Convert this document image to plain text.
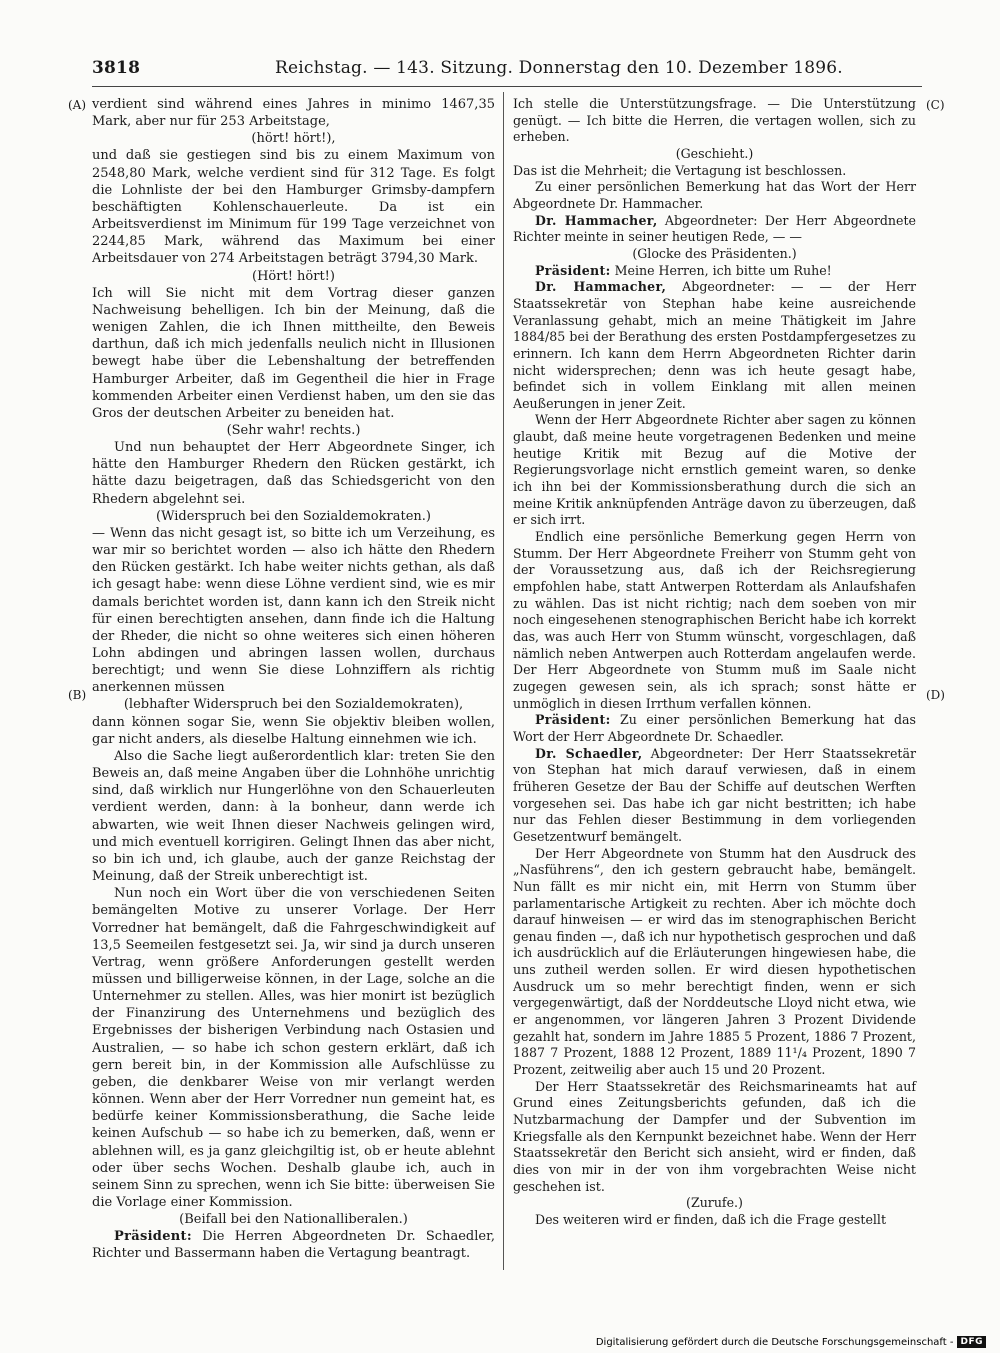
3818	Reichstag. — 143. Sitzung. Donnerstag den 10. Dezember 1896.
(A)
(B)
(C)
(D)

verdient sind während eines Jahres in minimo 1467,35 Mark, aber nur für 253 Arbeitstage,

(hört! hört!),

und daß sie gestiegen sind bis zu einem Maximum von 2548,80 Mark, welche verdient sind für 312 Tage. Es folgt die Lohnliste der bei den Hamburger Grimsby-dampfern beschäftigten Kohlenschauerleute. Da ist ein Arbeitsverdienst im Minimum für 199 Tage verzeichnet von 2244,85 Mark, während das Maximum bei einer Arbeitsdauer von 274 Arbeitstagen beträgt 3794,30 Mark.

(Hört! hört!)

Ich will Sie nicht mit dem Vortrag dieser ganzen Nachweisung behelligen. Ich bin der Meinung, daß die wenigen Zahlen, die ich Ihnen mittheilte, den Beweis darthun, daß ich mich jedenfalls neulich nicht in Illusionen bewegt habe über die Lebenshaltung der betreffenden Hamburger Arbeiter, daß im Gegentheil die hier in Frage kommenden Arbeiter einen Verdienst haben, um den sie das Gros der deutschen Arbeiter zu beneiden hat.

(Sehr wahr! rechts.)

Und nun behauptet der Herr Abgeordnete Singer, ich hätte den Hamburger Rhedern den Rücken gestärkt, ich hätte dazu beigetragen, daß das Schiedsgericht von den Rhedern abgelehnt sei.

(Widerspruch bei den Sozialdemokraten.)

— Wenn das nicht gesagt ist, so bitte ich um Verzeihung, es war mir so berichtet worden — also ich hätte den Rhedern den Rücken gestärkt. Ich habe weiter nichts gethan, als daß ich gesagt habe: wenn diese Löhne verdient sind, wie es mir damals berichtet worden ist, dann kann ich den Streik nicht für einen berechtigten ansehen, dann finde ich die Haltung der Rheder, die nicht so ohne weiteres sich einen höheren Lohn abdingen und abringen lassen wollen, durchaus berechtigt; und wenn Sie diese Lohnziffern als richtig anerkennen müssen

(lebhafter Widerspruch bei den Sozialdemokraten),

dann können sogar Sie, wenn Sie objektiv bleiben wollen, gar nicht anders, als dieselbe Haltung einnehmen wie ich.

Also die Sache liegt außerordentlich klar: treten Sie den Beweis an, daß meine Angaben über die Lohnhöhe unrichtig sind, daß wirklich nur Hungerlöhne von den Schauerleuten verdient werden, dann: à la bonheur, dann werde ich abwarten, wie weit Ihnen dieser Nachweis gelingen wird, und mich eventuell korrigiren. Gelingt Ihnen das aber nicht, so bin ich und, ich glaube, auch der ganze Reichstag der Meinung, daß der Streik unberechtigt ist.

Nun noch ein Wort über die von verschiedenen Seiten bemängelten Motive zu unserer Vorlage. Der Herr Vorredner hat bemängelt, daß die Fahrgeschwindigkeit auf 13,5 Seemeilen festgesetzt sei. Ja, wir sind ja durch unseren Vertrag, wenn größere Anforderungen gestellt werden müssen und billigerweise können, in der Lage, solche an die Unternehmer zu stellen. Alles, was hier monirt ist bezüglich der Finanzirung des Unternehmens und bezüglich des Ergebnisses der bisherigen Verbindung nach Ostasien und Australien, — so habe ich schon gestern erklärt, daß ich gern bereit bin, in der Kommission alle Aufschlüsse zu geben, die denkbarer Weise von mir verlangt werden können. Wenn aber der Herr Vorredner nun gemeint hat, es bedürfe keiner Kommissionsberathung, die Sache leide keinen Aufschub — so habe ich zu bemerken, daß, wenn er ablehnen will, es ja ganz gleichgiltig ist, ob er heute ablehnt oder über sechs Wochen. Deshalb glaube ich, auch in seinem Sinn zu sprechen, wenn ich Sie bitte: überweisen Sie die Vorlage einer Kommission.

(Beifall bei den Nationalliberalen.)

Präsident: Die Herren Abgeordneten Dr. Schaedler, Richter und Bassermann haben die Vertagung beantragt.

Ich stelle die Unterstützungsfrage. — Die Unterstützung genügt. — Ich bitte die Herren, die vertagen wollen, sich zu erheben.

(Geschieht.)

Das ist die Mehrheit; die Vertagung ist beschlossen.

Zu einer persönlichen Bemerkung hat das Wort der Herr Abgeordnete Dr. Hammacher.

Dr. Hammacher, Abgeordneter: Der Herr Abgeordnete Richter meinte in seiner heutigen Rede, — —

(Glocke des Präsidenten.)

Präsident: Meine Herren, ich bitte um Ruhe!

Dr. Hammacher, Abgeordneter: — — der Herr Staatssekretär von Stephan habe keine ausreichende Veranlassung gehabt, mich an meine Thätigkeit im Jahre 1884/85 bei der Berathung des ersten Postdampfergesetzes zu erinnern. Ich kann dem Herrn Abgeordneten Richter darin nicht widersprechen; denn was ich heute gesagt habe, befindet sich in vollem Einklang mit allen meinen Aeußerungen in jener Zeit.

Wenn der Herr Abgeordnete Richter aber sagen zu können glaubt, daß meine heute vorgetragenen Bedenken und meine heutige Kritik mit Bezug auf die Motive der Regierungsvorlage nicht ernstlich gemeint waren, so denke ich ihn bei der Kommissionsberathung durch die sich an meine Kritik anknüpfenden Anträge davon zu überzeugen, daß er sich irrt.

Endlich eine persönliche Bemerkung gegen Herrn von Stumm. Der Herr Abgeordnete Freiherr von Stumm geht von der Voraussetzung aus, daß ich der Reichsregierung empfohlen habe, statt Antwerpen Rotterdam als Anlaufshafen zu wählen. Das ist nicht richtig; nach dem soeben von mir noch eingesehenen stenographischen Bericht habe ich korrekt das, was auch Herr von Stumm wünscht, vorgeschlagen, daß nämlich neben Antwerpen auch Rotterdam angelaufen werde. Der Herr Abgeordnete von Stumm muß im Saale nicht zugegen gewesen sein, als ich sprach; sonst hätte er unmöglich in diesen Irrthum verfallen können.

Präsident: Zu einer persönlichen Bemerkung hat das Wort der Herr Abgeordnete Dr. Schaedler.

Dr. Schaedler, Abgeordneter: Der Herr Staatssekretär von Stephan hat mich darauf verwiesen, daß in einem früheren Gesetze der Bau der Schiffe auf deutschen Werften vorgesehen sei. Das habe ich gar nicht bestritten; ich habe nur das Fehlen dieser Bestimmung in dem vorliegenden Gesetzentwurf bemängelt.

Der Herr Abgeordnete von Stumm hat den Ausdruck des „Nasführens“, den ich gestern gebraucht habe, bemängelt. Nun fällt es mir nicht ein, mit Herrn von Stumm über parlamentarische Artigkeit zu rechten. Aber ich möchte doch darauf hinweisen — er wird das im stenographischen Bericht genau finden —, daß ich nur hypothetisch gesprochen und daß ich ausdrücklich auf die Erläuterungen hingewiesen habe, die uns zutheil werden sollen. Er wird diesen hypothetischen Ausdruck um so mehr berechtigt finden, wenn er sich vergegenwärtigt, daß der Norddeutsche Lloyd nicht etwa, wie er angenommen, vor längeren Jahren 3 Prozent Dividende gezahlt hat, sondern im Jahre 1885 5 Prozent, 1886 7 Prozent, 1887 7 Prozent, 1888 12 Prozent, 1889 11¹/₄ Prozent, 1890 7 Prozent, zeitweilig aber auch 15 und 20 Prozent.

Der Herr Staatssekretär des Reichsmarineamts hat auf Grund eines Zeitungsberichts gefunden, daß ich die Nutzbarmachung der Dampfer und der Subvention im Kriegsfalle als den Kernpunkt bezeichnet habe. Wenn der Herr Staatssekretär den Bericht sich ansieht, wird er finden, daß dies von mir in der von ihm vorgebrachten Weise nicht geschehen ist.

(Zurufe.)

Des weiteren wird er finden, daß ich die Frage gestellt

Digitalisierung gefördert durch die Deutsche Forschungsgemeinschaft - DFG
